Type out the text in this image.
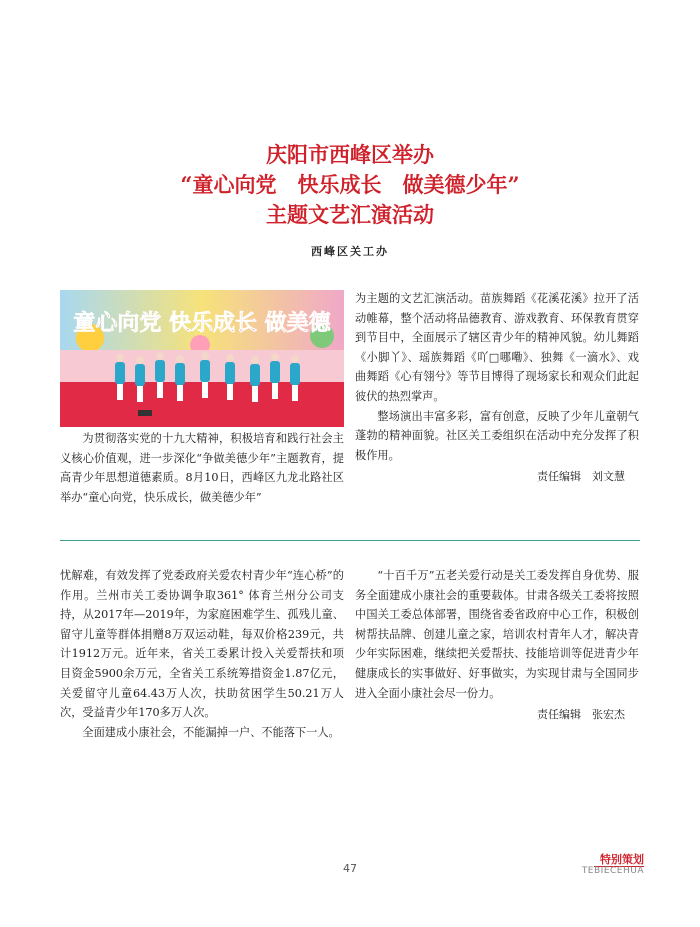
庆阳市西峰区举办
“童心向党　快乐成长　做美德少年”
主题文艺汇演活动
西峰区关工办
童心向党 快乐成长 做美德

为贯彻落实党的十九大精神，积极培育和践行社会主义核心价值观，进一步深化“争做美德少年”主题教育，提高青少年思想道德素质。8月10日，西峰区九龙北路社区举办“童心向党，快乐成长，做美德少年”

为主题的文艺汇演活动。苗族舞蹈《花溪花溪》拉开了活动帷幕，整个活动将品德教育、游戏教育、环保教育贯穿到节目中，全面展示了辖区青少年的精神风貌。幼儿舞蹈《小脚丫》、瑶族舞蹈《吖□哪嘞》、独舞《一滴水》、戏曲舞蹈《心有翎兮》等节目博得了现场家长和观众们此起彼伏的热烈掌声。

整场演出丰富多彩，富有创意，反映了少年儿童朝气蓬勃的精神面貌。社区关工委组织在活动中充分发挥了积极作用。

责任编辑　刘文慧

忧解难，有效发挥了党委政府关爱农村青少年“连心桥”的作用。兰州市关工委协调争取361° 体育兰州分公司支持，从2017年—2019年，为家庭困难学生、孤残儿童、留守儿童等群体捐赠8万双运动鞋，每双价格239元，共计1912万元。近年来，省关工委累计投入关爱帮扶和项目资金5900余万元，全省关工系统筹措资金1.87亿元，关爱留守儿童64.43万人次，扶助贫困学生50.21万人次，受益青少年170多万人次。

全面建成小康社会，不能漏掉一户、不能落下一人。

“十百千万”五老关爱行动是关工委发挥自身优势、服务全面建成小康社会的重要载体。甘肃各级关工委将按照中国关工委总体部署，围绕省委省政府中心工作，积极创树帮扶品牌、创建儿童之家，培训农村青年人才，解决青少年实际困难，继续把关爱帮扶、技能培训等促进青少年健康成长的实事做好、好事做实，为实现甘肃与全国同步进入全面小康社会尽一份力。

责任编辑　张宏杰

47
特别策划
TEBIECEHUA
